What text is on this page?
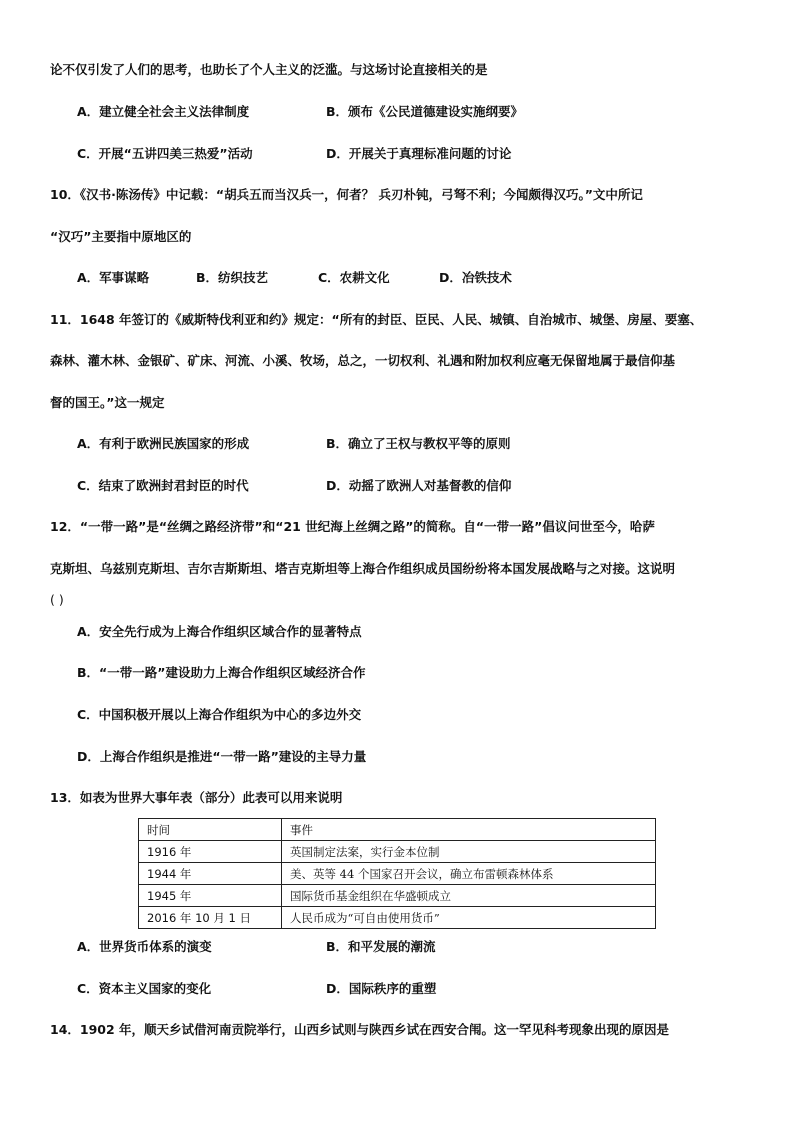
论不仅引发了人们的思考，也助长了个人主义的泛滥。与这场讨论直接相关的是
A．建立健全社会主义法律制度	B．颁布《公民道德建设实施纲要》
C．开展“五讲四美三热爱”活动	D．开展关于真理标准问题的讨论
10．《汉书·陈汤传》中记载：“胡兵五而当汉兵一，何者？ 兵刃朴钝，弓弩不利；今闻颇得汉巧。”文中所记
“汉巧”主要指中原地区的
A．军事谋略	B．纺织技艺	C．农耕文化	D．冶铁技术
11．1648 年签订的《威斯特伐利亚和约》规定：“所有的封臣、臣民、人民、城镇、自治城市、城堡、房屋、要塞、
森林、灌木林、金银矿、矿床、河流、小溪、牧场，总之，一切权利、礼遇和附加权利应毫无保留地属于最信仰基
督的国王。”这一规定
A．有利于欧洲民族国家的形成	B．确立了王权与教权平等的原则
C．结束了欧洲封君封臣的时代	D．动摇了欧洲人对基督教的信仰
12．“一带一路”是“丝绸之路经济带”和“21 世纪海上丝绸之路”的简称。自“一带一路”倡议问世至今，哈萨
克斯坦、乌兹别克斯坦、吉尔吉斯斯坦、塔吉克斯坦等上海合作组织成员国纷纷将本国发展战略与之对接。这说明
( )
A．安全先行成为上海合作组织区域合作的显著特点
B．“一带一路”建设助力上海合作组织区域经济合作
C．中国积极开展以上海合作组织为中心的多边外交
D．上海合作组织是推进“一带一路”建设的主导力量
13．如表为世界大事年表（部分）此表可以用来说明
时间	事件
1916 年	英国制定法案，实行金本位制
1944 年	美、英等 44 个国家召开会议，确立布雷顿森林体系
1945 年	国际货币基金组织在华盛顿成立
2016 年 10 月 1 日	人民币成为“可自由使用货币”
A．世界货币体系的演变	B．和平发展的潮流
C．资本主义国家的变化	D．国际秩序的重塑
14．1902 年，顺天乡试借河南贡院举行，山西乡试则与陕西乡试在西安合闱。这一罕见科考现象出现的原因是
